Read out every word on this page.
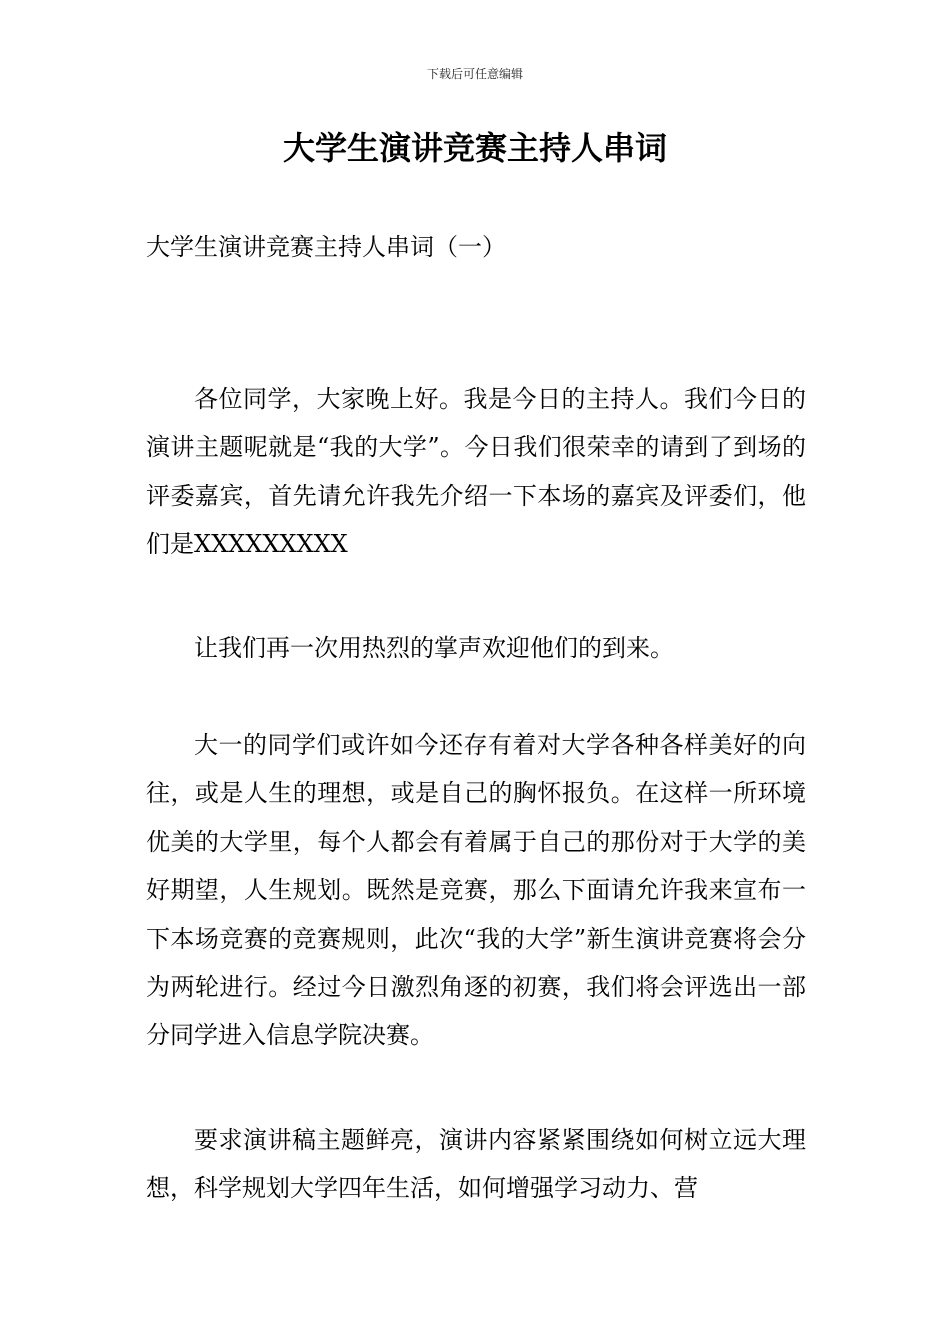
下载后可任意编辑
大学生演讲竞赛主持人串词

大学生演讲竞赛主持人串词（一）

各位同学，大家晚上好。我是今日的主持人。我们今日的演讲主题呢就是“我的大学”。今日我们很荣幸的请到了到场的评委嘉宾，首先请允许我先介绍一下本场的嘉宾及评委们，他们是XXXXXXXXX

让我们再一次用热烈的掌声欢迎他们的到来。

大一的同学们或许如今还存有着对大学各种各样美好的向往，或是人生的理想，或是自己的胸怀报负。在这样一所环境优美的大学里，每个人都会有着属于自己的那份对于大学的美好期望，人生规划。既然是竞赛，那么下面请允许我来宣布一下本场竞赛的竞赛规则，此次“我的大学”新生演讲竞赛将会分为两轮进行。经过今日激烈角逐的初赛，我们将会评选出一部分同学进入信息学院决赛。

要求演讲稿主题鲜亮，演讲内容紧紧围绕如何树立远大理想，科学规划大学四年生活，如何增强学习动力、营
